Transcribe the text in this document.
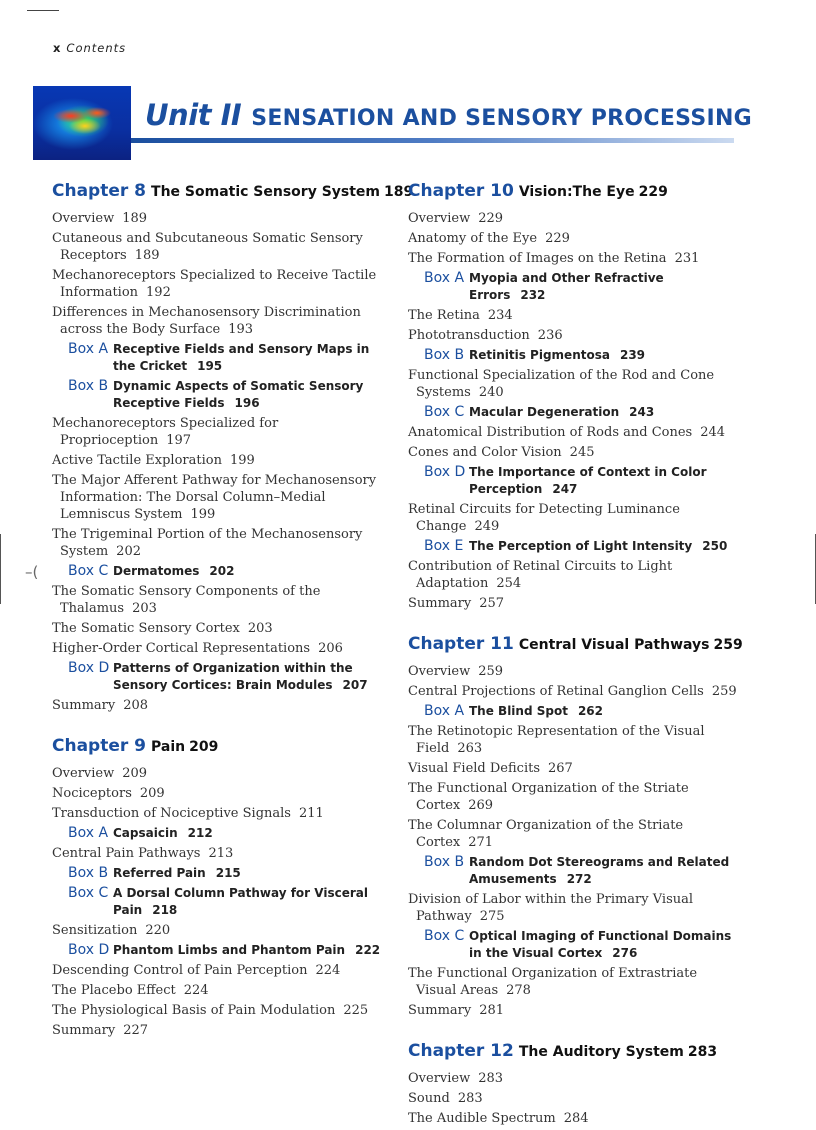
x Contents
Unit II SENSATION AND SENSORY PROCESSING
–(
Chapter 8 The Somatic Sensory System 189
Overview 189
Cutaneous and Subcutaneous Somatic Sensory Receptors 189
Mechanoreceptors Specialized to Receive Tactile Information 192
Differences in Mechanosensory Discrimination across the Body Surface 193
Box A Receptive Fields and Sensory Maps in the Cricket 195
Box B Dynamic Aspects of Somatic Sensory Receptive Fields 196
Mechanoreceptors Specialized for Proprioception 197
Active Tactile Exploration 199
The Major Afferent Pathway for Mechanosensory Information: The Dorsal Column–Medial Lemniscus System 199
The Trigeminal Portion of the Mechanosensory System 202
Box C Dermatomes 202
The Somatic Sensory Components of the Thalamus 203
The Somatic Sensory Cortex 203
Higher-Order Cortical Representations 206
Box D Patterns of Organization within the Sensory Cortices: Brain Modules 207
Summary 208
Chapter 9 Pain 209
Overview 209
Nociceptors 209
Transduction of Nociceptive Signals 211
Box A Capsaicin 212
Central Pain Pathways 213
Box B Referred Pain 215
Box C A Dorsal Column Pathway for Visceral Pain 218
Sensitization 220
Box D Phantom Limbs and Phantom Pain 222
Descending Control of Pain Perception 224
The Placebo Effect 224
The Physiological Basis of Pain Modulation 225
Summary 227
Chapter 10 Vision:The Eye 229
Overview 229
Anatomy of the Eye 229
The Formation of Images on the Retina 231
Box A Myopia and Other Refractive Errors 232
The Retina 234
Phototransduction 236
Box B Retinitis Pigmentosa 239
Functional Specialization of the Rod and Cone Systems 240
Box C Macular Degeneration 243
Anatomical Distribution of Rods and Cones 244
Cones and Color Vision 245
Box D The Importance of Context in Color Perception 247
Retinal Circuits for Detecting Luminance Change 249
Box E The Perception of Light Intensity 250
Contribution of Retinal Circuits to Light Adaptation 254
Summary 257
Chapter 11 Central Visual Pathways 259
Overview 259
Central Projections of Retinal Ganglion Cells 259
Box A The Blind Spot 262
The Retinotopic Representation of the Visual Field 263
Visual Field Deficits 267
The Functional Organization of the Striate Cortex 269
The Columnar Organization of the Striate Cortex 271
Box B Random Dot Stereograms and Related Amusements 272
Division of Labor within the Primary Visual Pathway 275
Box C Optical Imaging of Functional Domains in the Visual Cortex 276
The Functional Organization of Extrastriate Visual Areas 278
Summary 281
Chapter 12 The Auditory System 283
Overview 283
Sound 283
The Audible Spectrum 284
